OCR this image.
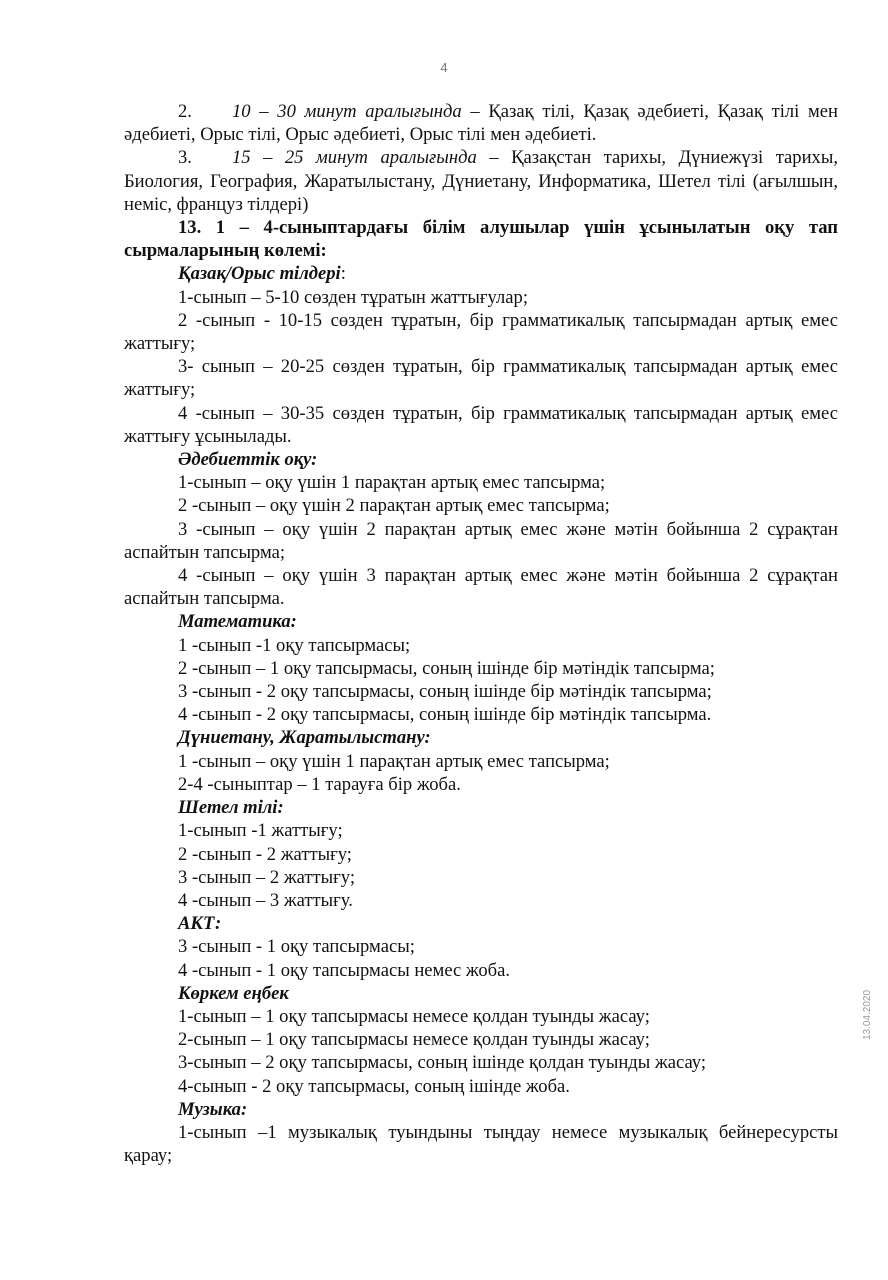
4

2. 10 – 30 минут аралығында – Қазақ тілі, Қазақ әдебиеті, Қазақ тілі мен әдебиеті, Орыс тілі, Орыс әдебиеті, Орыс тілі мен әдебиеті.

3. 15 – 25 минут аралығында – Қазақстан тарихы, Дүниежүзі тарихы, Биология, География, Жаратылыстану, Дүниетану, Информатика, Шетел тілі (ағылшын, неміс, француз тілдері)

13. 1 – 4-сыныптардағы білім алушылар үшін ұсынылатын оқу тап сырмаларының көлемі:

Қазақ/Орыс тілдері:

1-сынып – 5-10 сөзден тұратын жаттығулар;

2 -сынып - 10-15 сөзден тұратын, бір грамматикалық тапсырмадан артық емес жаттығу;

3- сынып – 20-25 сөзден тұратын, бір грамматикалық тапсырмадан артық емес жаттығу;

4 -сынып – 30-35 сөзден тұратын, бір грамматикалық тапсырмадан артық емес жаттығу ұсынылады.

Әдебиеттік оқу:

1-сынып – оқу үшін 1 парақтан артық емес тапсырма;

2 -сынып – оқу үшін 2 парақтан артық емес тапсырма;

3 -сынып – оқу үшін 2 парақтан артық емес және мәтін бойынша 2 сұрақтан аспайтын тапсырма;

4 -сынып – оқу үшін 3 парақтан артық емес және мәтін бойынша 2 сұрақтан аспайтын тапсырма.

Математика:

1 -сынып -1 оқу тапсырмасы;

2 -сынып – 1 оқу тапсырмасы, соның ішінде бір мәтіндік тапсырма;

3 -сынып - 2 оқу тапсырмасы, соның ішінде бір мәтіндік тапсырма;

4 -сынып - 2 оқу тапсырмасы, соның ішінде бір мәтіндік тапсырма.

Дүниетану, Жаратылыстану:

1 -сынып – оқу үшін 1 парақтан артық емес тапсырма;

2-4 -сыныптар – 1 тарауға бір жоба.

Шетел тілі:

1-сынып -1 жаттығу;

2 -сынып - 2 жаттығу;

3 -сынып – 2 жаттығу;

4 -сынып – 3 жаттығу.

АКТ:

3 -сынып - 1 оқу тапсырмасы;

4 -сынып - 1 оқу тапсырмасы немес жоба.

Көркем еңбек

1-сынып – 1 оқу тапсырмасы немесе қолдан туынды жасау;

2-сынып – 1 оқу тапсырмасы немесе қолдан туынды жасау;

3-сынып – 2 оқу тапсырмасы, соның ішінде қолдан туынды жасау;

4-сынып - 2 оқу тапсырмасы, соның ішінде жоба.

Музыка:

1-сынып –1 музыкалық туындыны тыңдау немесе музыкалық бейнересурсты қарау;

13.04.2020
